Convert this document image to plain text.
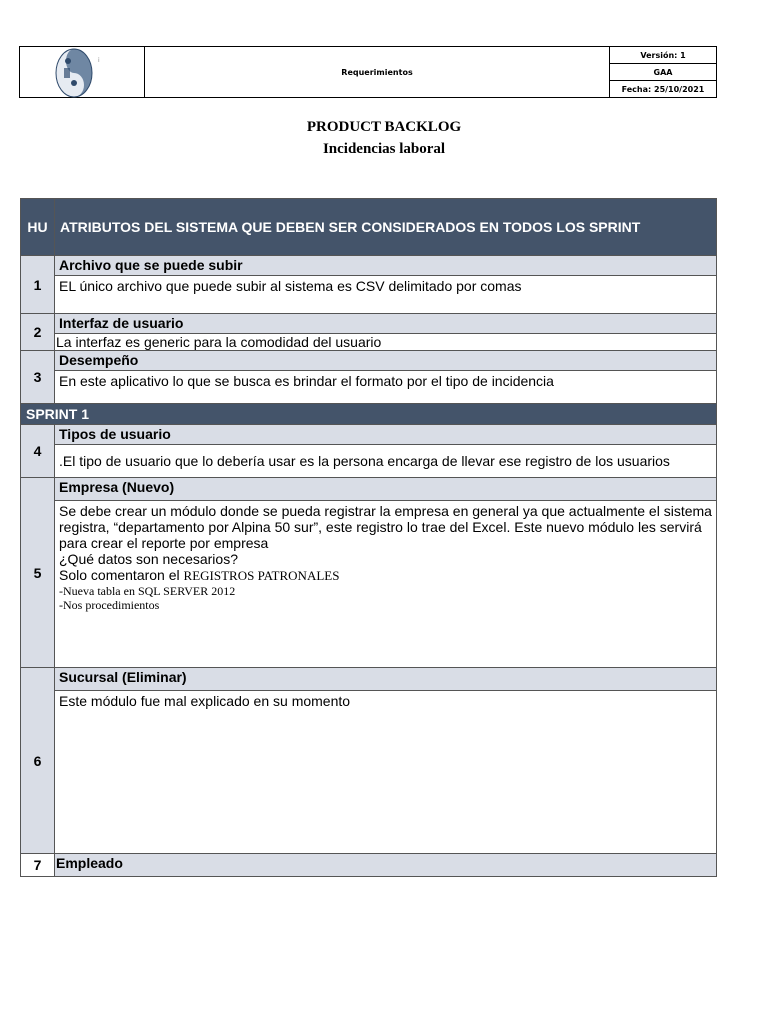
i
	Requerimientos	Versión: 1
GAA
Fecha: 25/10/2021
PRODUCT BACKLOG
Incidencias laboral
HU	ATRIBUTOS DEL SISTEMA QUE DEBEN SER CONSIDERADOS EN TODOS LOS SPRINT
1	Archivo que se puede subir
	EL único archivo que puede subir al sistema es CSV delimitado por comas
2	Interfaz de usuario
	La interfaz es generic para la comodidad del usuario
3	Desempeño
	En este aplicativo lo que se busca es brindar el formato por el tipo de incidencia
SPRINT 1	
4	Tipos de usuario
	.El tipo de usuario que lo debería usar es la persona encarga de llevar ese registro de los usuarios
5	Empresa (Nuevo)

	Se debe crear un módulo donde se pueda registrar la empresa en general ya que actualmente el sistema registra, “departamento por Alpina 50 sur”, este registro lo trae del Excel. Este nuevo módulo les servirá para crear el reporte por empresa
¿Qué datos son necesarios?
Solo comentaron el REGISTROS PATRONALES
-Nueva tabla en SQL SERVER 2012
-Nos procedimientos

6	Sucursal (Eliminar)
	Este módulo fue mal explicado en su momento
7	Empleado
